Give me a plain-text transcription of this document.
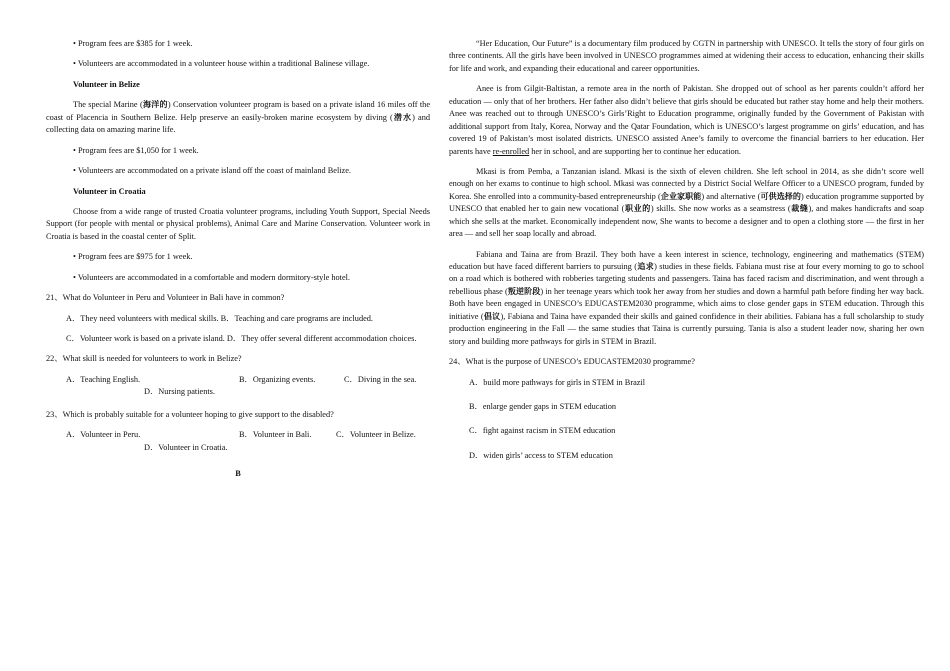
• Program fees are $385 for 1 week.

• Volunteers are accommodated in a volunteer house within a traditional Balinese village.

Volunteer in Belize

The special Marine (海洋的) Conservation volunteer program is based on a private island 16 miles off the coast of Placencia in Southern Belize. Help preserve an easily-broken marine ecosystem by diving (潜水) and collecting data on amazing marine life.

• Program fees are $1,050 for 1 week.

• Volunteers are accommodated on a private island off the coast of mainland Belize.

Volunteer in Croatia

Choose from a wide range of trusted Croatia volunteer programs, including Youth Support, Special Needs Support (for people with mental or physical problems), Animal Care and Marine Conservation. Volunteer work in Croatia is based in the coastal center of Split.

• Program fees are $975 for 1 week.

• Volunteers are accommodated in a comfortable and modern dormitory-style hotel.

21、What do Volunteer in Peru and Volunteer in Bali have in common?

A．They need volunteers with medical skills. B．Teaching and care programs are included.

C．Volunteer work is based on a private island. D．They offer several different accommodation choices.

22、What skill is needed for volunteers to work in Belize?

A．Teaching English.	B．Organizing events.	C．Diving in the sea.
D．Nursing patients.

23、Which is probably suitable for a volunteer hoping to give support to the disabled?

A．Volunteer in Peru.	B．Volunteer in Bali.	C．Volunteer in Belize.
D．Volunteer in Croatia.

B

“Her Education, Our Future” is a documentary film produced by CGTN in partnership with UNESCO. It tells the story of four girls on three continents. All the girls have been involved in UNESCO programmes aimed at widening their access to education, enhancing their skills for life and work, and expanding their educational and career opportunities.

Anee is from Gilgit-Baltistan, a remote area in the north of Pakistan. She dropped out of school as her parents couldn’t afford her education — only that of her brothers. Her father also didn’t believe that girls should be educated but rather stay home and help their mothers. Anee was reached out to through UNESCO’s Girls’Right to Education programme, originally funded by the Government of Pakistan with additional support from Italy, Korea, Norway and the Qatar Foundation, which is UNESCO’s largest programme on girls’ education, and has covered 19 of Pakistan’s most isolated districts. UNESCO assisted Anee’s family to overcome the financial barriers to her education. Her parents have re-enrolled her in school, and are supporting her to continue her education.

Mkasi is from Pemba, a Tanzanian island. Mkasi is the sixth of eleven children. She left school in 2014, as she didn’t score well enough on her exams to continue to high school. Mkasi was connected by a District Social Welfare Officer to a UNESCO program, funded by Korea. She enrolled into a community-based entrepreneurship (企业家职能) and alternative (可供选择的) education programme supported by UNESCO that enabled her to gain new vocational (职业的) skills. She now works as a seamstress (裁缝), and makes handicrafts and soap which she sells at the market. Economically independent now, She wants to become a designer and to open a clothing store — the first in her area — and sell her soap locally and abroad.

Fabiana and Taina are from Brazil. They both have a keen interest in science, technology, engineering and mathematics (STEM) education but have faced different barriers to pursuing (追求) studies in these fields. Fabiana must rise at four every morning to go to school on a road which is bothered with robberies targeting students and passengers. Taina has faced racism and discrimination, and went through a rebellious phase (叛逆阶段) in her teenage years which took her away from her studies and down a harmful path before finding her way back. Both have been engaged in UNESCO’s EDUCASTEM2030 programme, which aims to close gender gaps in STEM education. Through this initiative (倡议), Fabiana and Taina have expanded their skills and gained confidence in their abilities. Fabiana has a full scholarship to study production engineering in the Fall — the same studies that Taina is currently pursuing. Tania is also a student leader now, sharing her own story and building more pathways for girls in STEM in Brazil.

24、What is the purpose of UNESCO’s EDUCASTEM2030 programme?

A．build more pathways for girls in STEM in Brazil

B．enlarge gender gaps in STEM education

C．fight against racism in STEM education

D．widen girls’ access to STEM education
